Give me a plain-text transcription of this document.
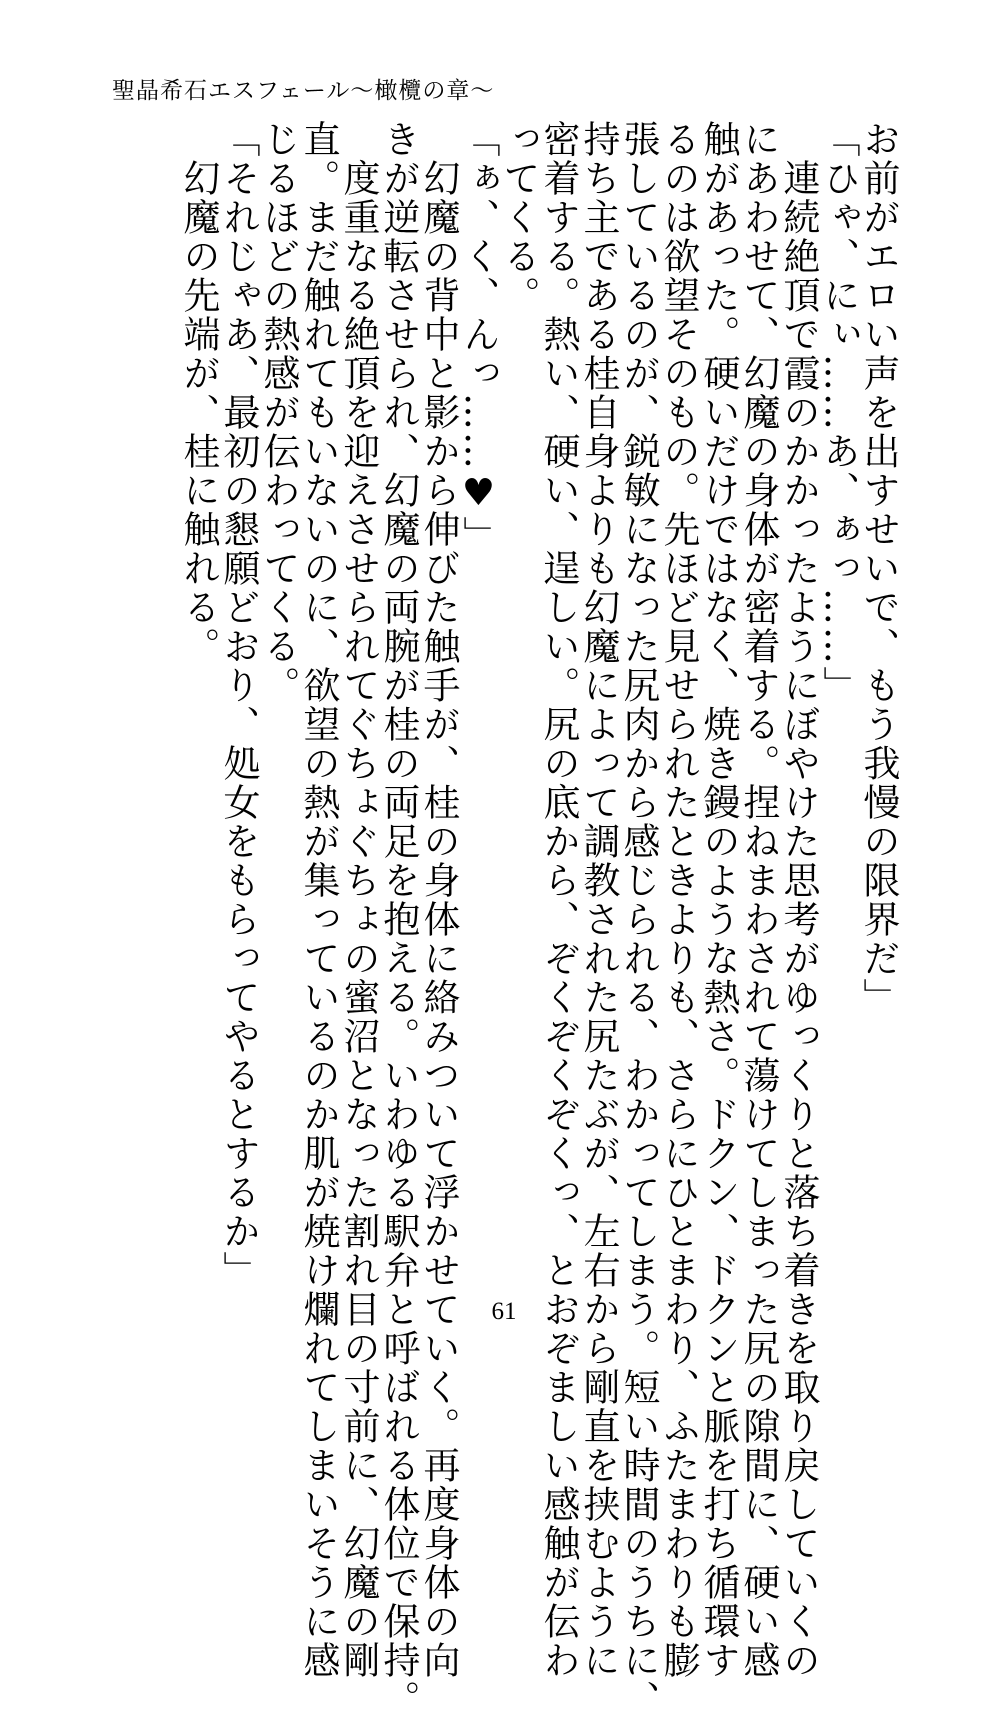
聖晶希石エスフェール〜橄欖の章〜
お前がエロい声を出すせいで、もう我慢の限界だ」
「ひゃ、にぃ……あ、ぁっ……」
　連続絶頂で霞のかかったようにぼやけた思考がゆっくりと落ち着きを取り戻していくの
にあわせて、幻魔の身体が密着する。捏ねまわされて蕩けてしまった尻の隙間に、硬い感
触があった。硬いだけではなく、焼き鏝のような熱さ。ドクン、ドクンと脈を打ち循環す
るのは欲望そのもの。先ほど見せられたときよりも、さらにひとまわり、ふたまわりも膨
張しているのが、鋭敏になった尻肉から感じられる、わかってしまう。短い時間のうちに、
持ち主である桂自身よりも幻魔によって調教された尻たぶが、左右から剛直を挟むように
密着する。熱い、硬い、逞しい。尻の底から、ぞくぞくぞくっ、とおぞましい感触が伝わ
ってくる。
「ぁ、く、んっ……♥」
　幻魔の背中と影から伸びた触手が、桂の身体に絡みついて浮かせていく。再度身体の向
きが逆転させられ、幻魔の両腕が桂の両足を抱える。いわゆる駅弁と呼ばれる体位で保持。
　度重なる絶頂を迎えさせられてぐちょぐちょの蜜沼となった割れ目の寸前に、幻魔の剛
直。まだ触れてもいないのに、欲望の熱が集っているのか肌が焼け爛れてしまいそうに感
じるほどの熱感が伝わってくる。
「それじゃあ、最初の懇願どおり、処女をもらってやるとするか」
　幻魔の先端が、桂に触れる。
61
